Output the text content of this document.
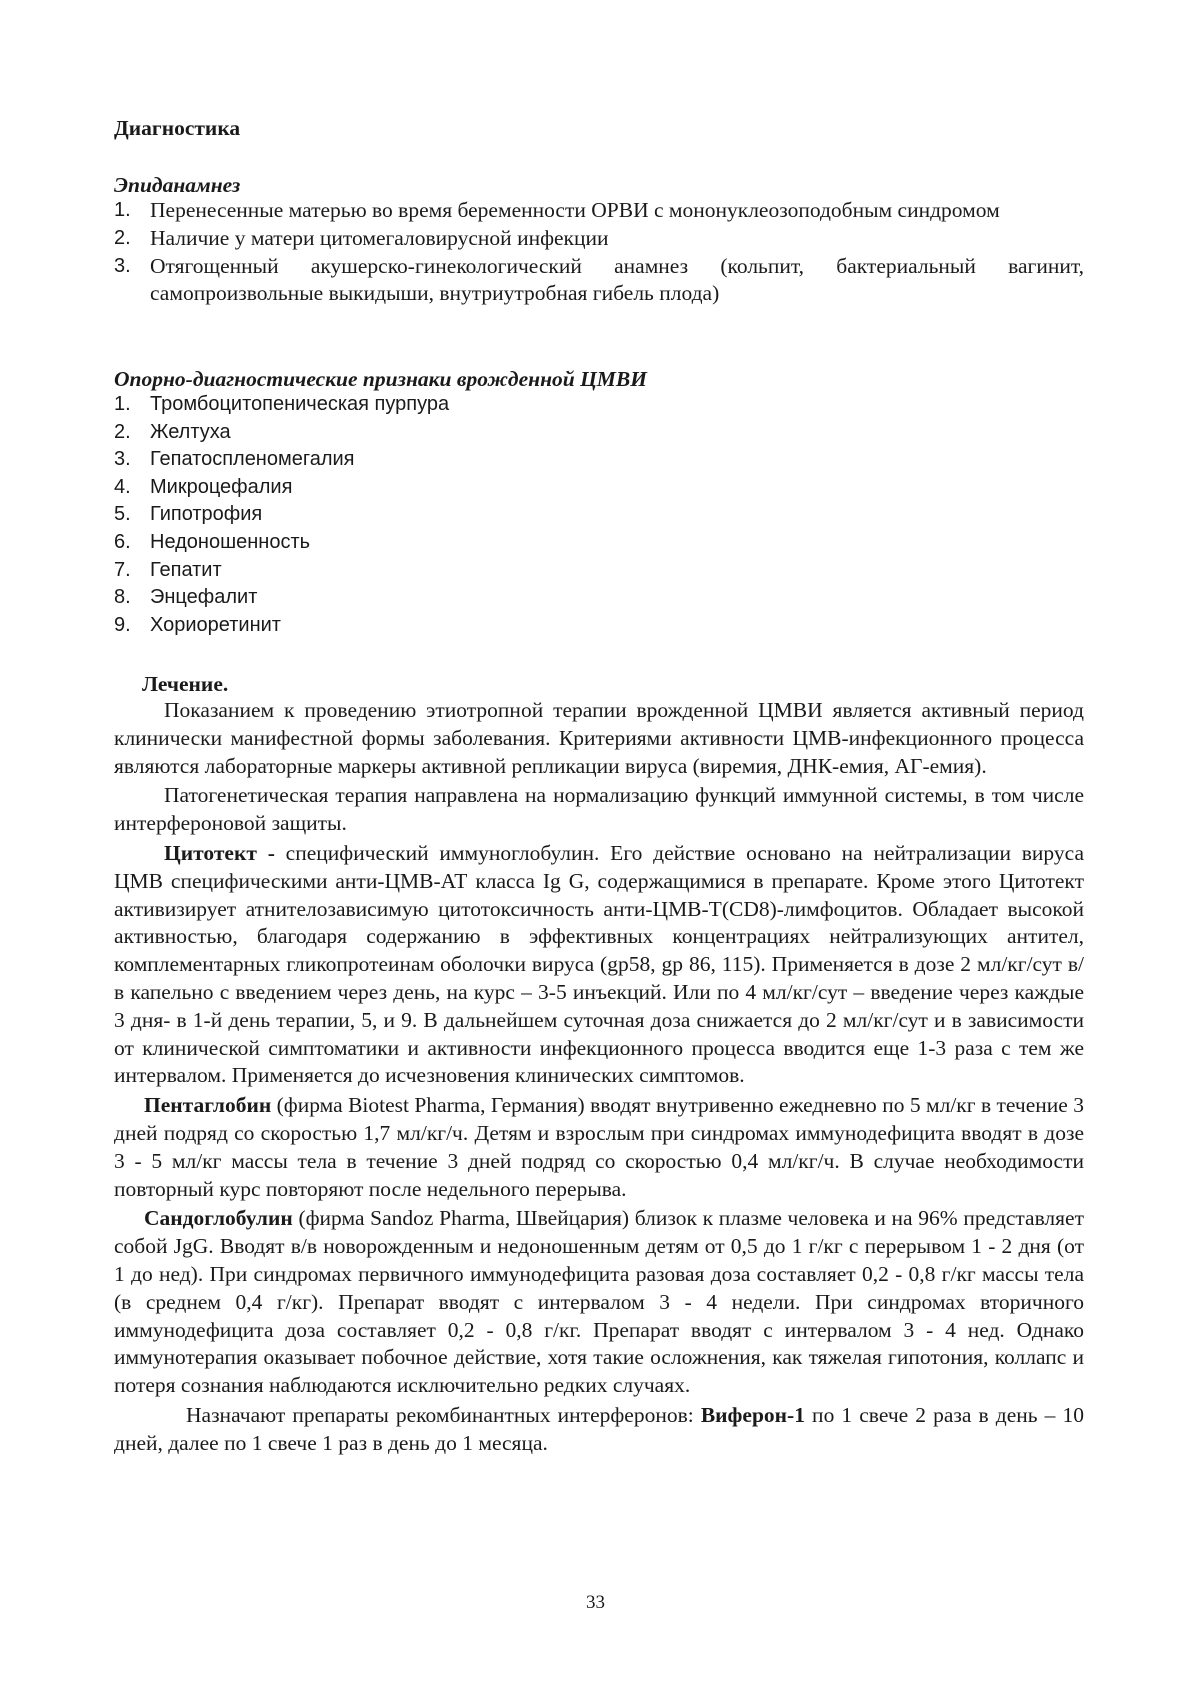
Диагностика
Эпиданамнез
1. Перенесенные матерью во время беременности ОРВИ с мононуклеозоподобным синдромом
2. Наличие у матери цитомегаловирусной инфекции
3. Отягощенный акушерско-гинекологический анамнез (кольпит, бактериальный вагинит, самопроизвольные выкидыши, внутриутробная гибель плода)
Опорно-диагностические признаки врожденной ЦМВИ
1. Тромбоцитопеническая пурпура
2. Желтуха
3. Гепатоспленомегалия
4. Микроцефалия
5. Гипотрофия
6. Недоношенность
7. Гепатит
8. Энцефалит
9. Хориоретинит
Лечение.

Показанием к проведению этиотропной терапии врожденной ЦМВИ является активный период клинически манифестной формы заболевания. Критериями активности ЦМВ-инфекционного процесса являются лабораторные маркеры активной репликации вируса (виремия, ДНК-емия, АГ-емия).

Патогенетическая терапия направлена на нормализацию функций иммунной системы, в том числе интерфероновой защиты.

Цитотект - специфический иммуноглобулин. Его действие основано на нейтрализации вируса ЦМВ специфическими анти-ЦМВ-АТ класса Ig G, содержащимися в препарате. Кроме этого Цитотект активизирует атнителозависимую цитотоксичность анти-ЦМВ-Т(CD8)-лимфоцитов. Обладает высокой активностью, благодаря содержанию в эффективных концентрациях нейтрализующих антител, комплементарных гликопротеинам оболочки вируса (gp58, gp 86, 115). Применяется в дозе 2 мл/кг/сут в/в капельно с введением через день, на курс – 3-5 инъекций. Или по 4 мл/кг/сут – введение через каждые 3 дня- в 1-й день терапии, 5, и 9. В дальнейшем суточная доза снижается до 2 мл/кг/сут и в зависимости от клинической симптоматики и активности инфекционного процесса вводится еще 1-3 раза с тем же интервалом. Применяется до исчезновения клинических симптомов.

Пентаглобин (фирма Biotest Pharma, Германия) вводят внутривенно ежедневно по 5 мл/кг в течение 3 дней подряд со скоростью 1,7 мл/кг/ч. Детям и взрослым при синдромах иммунодефицита вводят в дозе 3 - 5 мл/кг массы тела в течение 3 дней подряд со скоростью 0,4 мл/кг/ч. В случае необходимости повторный курс повторяют после недельного перерыва.

Сандоглобулин (фирма Sandoz Pharma, Швейцария) близок к плазме человека и на 96% представляет собой JgG. Вводят в/в новорожденным и недоношенным детям от 0,5 до 1 г/кг с перерывом 1 - 2 дня (от 1 до нед). При синдромах первичного иммунодефицита разовая доза составляет 0,2 - 0,8 г/кг массы тела (в среднем 0,4 г/кг). Препарат вводят с интервалом 3 - 4 недели. При синдромах вторичного иммунодефицита доза составляет 0,2 - 0,8 г/кг. Препарат вводят с интервалом 3 - 4 нед. Однако иммунотерапия оказывает побочное действие, хотя такие осложнения, как тяжелая гипотония, коллапс и потеря сознания наблюдаются исключительно редких случаях.

Назначают препараты рекомбинантных интерферонов: Виферон-1 по 1 свече 2 раза в день – 10 дней, далее по 1 свече 1 раз в день до 1 месяца.

33
